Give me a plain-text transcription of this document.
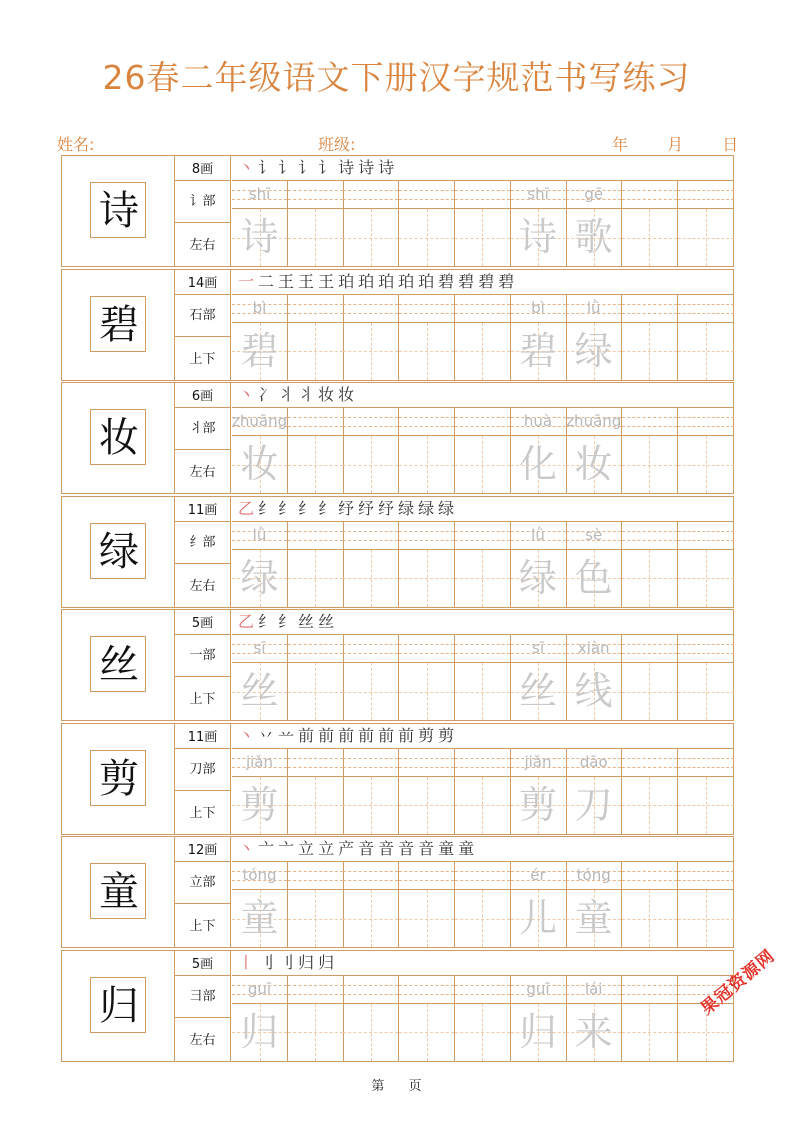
26春二年级语文下册汉字规范书写练习
姓名:	班级:	年 月 日
诗
8画
讠部
左右
丶 讠 讠 讠 讠 诗 诗 诗
shī
诗
shī
诗
gē
歌
碧
14画
石部
上下
一 二 王 王 王 珀 珀 珀 珀 珀 碧 碧 碧 碧
bì
碧
bì
碧
lǜ
绿
妆
6画
丬部
左右
丶 冫 丬 丬 妆 妆
zhuāng
妆
huà
化
zhuāng
妆
绿
11画
纟部
左右
乙 纟 纟 纟 纟 纾 纾 纾 绿 绿 绿
lǜ
绿
lǜ
绿
sè
色
丝
5画
一部
上下
乙 纟 纟 丝 丝
sī
丝
sī
丝
xiàn
线
剪
11画
刀部
上下
丶 丷 䒑 前 前 前 前 前 前 剪 剪
jiǎn
剪
jiǎn
剪
dāo
刀
童
12画
立部
上下
丶 亠 亠 立 立 产 音 音 音 音 童 童
tóng
童
ér
儿
tóng
童
归
5画
彐部
左右
丨 刂 刂 归 归
guī
归
guī
归
lái
来
第 页
果冠资源网
